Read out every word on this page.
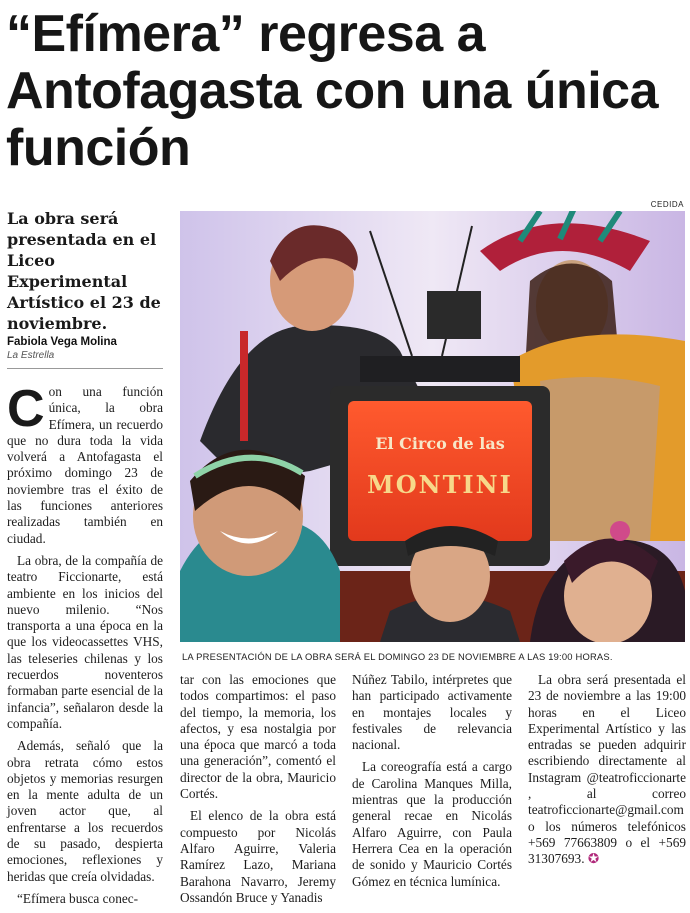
“Efímera” regresa a Antofagasta con una única función
CEDIDA

La obra será presentada en el Liceo Experimental Artístico el 23 de noviembre.

Fabiola Vega Molina
La Estrella
El Circo de las
MONTINI
LA PRESENTACIÓN DE LA OBRA SERÁ EL DOMINGO 23 DE NOVIEMBRE A LAS 19:00 HORAS.

Con una función única, la obra Efímera, un recuerdo que no dura toda la vida volverá a Antofagasta el próximo domingo 23 de noviembre tras el éxito de las funciones anteriores realizadas también en ciudad.

La obra, de la compañía de teatro Ficcionarte, está ambiente en los inicios del nuevo milenio. “Nos transporta a una época en la que los videocassettes VHS, las teleseries chilenas y los recuerdos noventeros formaban parte esencial de la infancia”, señalaron desde la compañía.

Además, señaló que la obra retrata cómo estos objetos y memorias resurgen en la mente adulta de un joven actor que, al enfrentarse a los recuerdos de su pasado, despierta emociones, reflexiones y heridas que creía olvidadas.

“Efímera busca conec-

tar con las emociones que todos compartimos: el paso del tiempo, la memoria, los afectos, y esa nostalgia por una época que marcó a toda una generación”, comentó el director de la obra, Mauricio Cortés.

El elenco de la obra está compuesto por Nicolás Alfaro Aguirre, Valeria Ramírez Lazo, Mariana Barahona Navarro, Jeremy Ossandón Bruce y Yanadis

Núñez Tabilo, intérpretes que han participado activamente en montajes locales y festivales de relevancia nacional.

La coreografía está a cargo de Carolina Manques Milla, mientras que la producción general recae en Nicolás Alfaro Aguirre, con Paula Herrera Cea en la operación de sonido y Mauricio Cortés Gómez en técnica lumínica.

La obra será presentada el 23 de noviembre a las 19:00 horas en el Liceo Experimental Artístico y las entradas se pueden adquirir escribiendo directamente al Instagram @teatroficcionarte , al correo teatroficcionarte@gmail.com o los números telefónicos +569 77663809 o el +569 31307693. ✪
